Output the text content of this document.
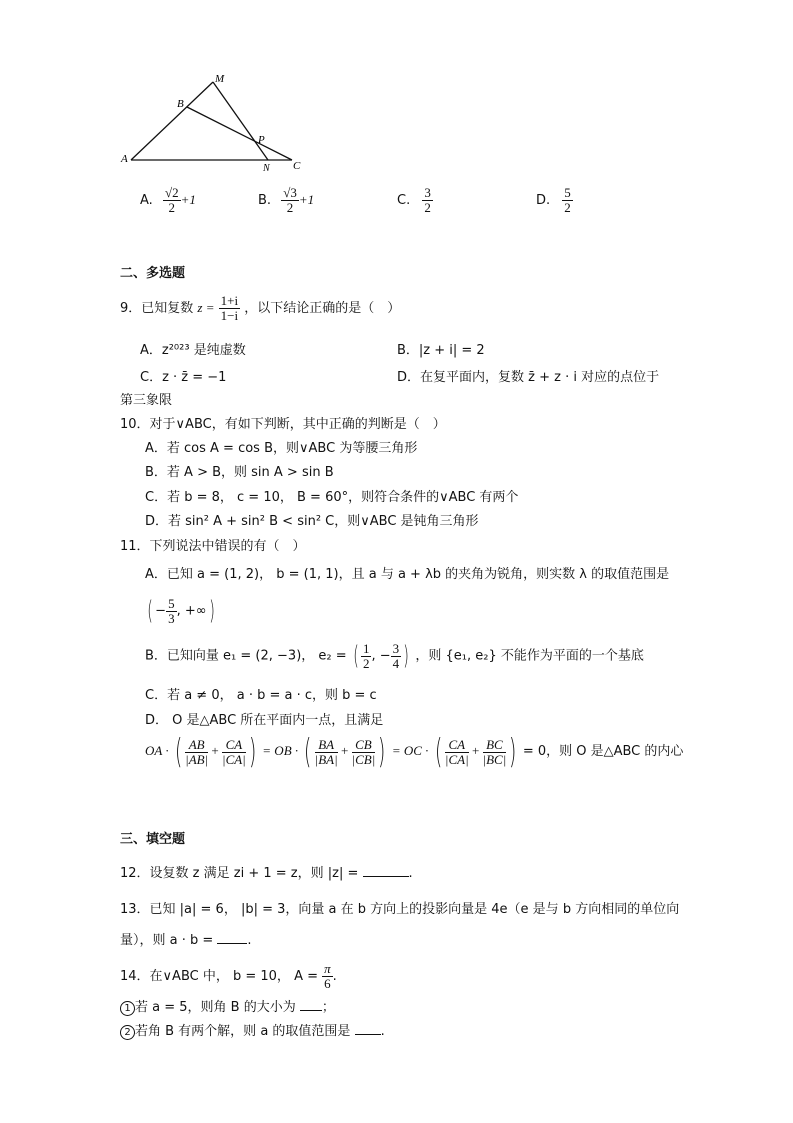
M
B
A
P
N C
A. $\frac{√2}{2} +1$	B. $\frac{√3}{2} +1$	C. $\frac{3}{2}$	D. $\frac{5}{2}$
二、多选题
9．已知复数 $z = \frac{1+i}{1-i}$ ，以下结论正确的是（　）
A．z²⁰²³ 是纯虚数	B．|z + i| = 2
C．z · z̄ = −1	D．在复平面内，复数 z̄ + z · i 对应的点位于
第三象限
10．对于∨ABC，有如下判断，其中正确的判断是（　）
A．若 cos A = cos B，则∨ABC 为等腰三角形
B．若 A > B，则 sin A > sin B
C．若 b = 8， c = 10， B = 60°，则符合条件的∨ABC 有两个
D．若 sin² A + sin² B < sin² C，则∨ABC 是钝角三角形
11．下列说法中错误的有（　）
A．已知 a = (1, 2)， b = (1, 1)，且 a 与 a + λb 的夹角为锐角，则实数 λ 的取值范围是
( − $\frac{5}{3}$ , +∞)
B．已知向量 e₁ = (2, −3)， e₂ = ( $\frac{1}{2}$ , − $\frac{3}{4}$ ) ，则 {e₁, e₂} 不能作为平面的一个基底
C．若 a ≠ 0， a · b = a · c，则 b = c
D． O 是△ABC 所在平面内一点，且满足
OA · ( $\frac{AB}{|AB|} + \frac{CA}{|CA|}$ ) = OB · ( $\frac{BA}{|BA|} + \frac{CB}{|CB|}$ ) = OC · ( $\frac{CA}{|CA|} + \frac{BC}{|BC|}$ ) = 0，则 O 是△ABC 的内心
三、填空题
12．设复数 z 满足 zi + 1 = z，则 |z| =	.
13．已知 |a| = 6， |b| = 3，向量 a 在 b 方向上的投影向量是 4e（e 是与 b 方向相同的单位向
量），则 a · b =	.
14．在∨ABC 中， b = 10， $A = \frac{\pi}{6}$ .
1 若 a = 5，则角 B 的大小为 ；
2 若角 B 有两个解，则 a 的取值范围是 .
